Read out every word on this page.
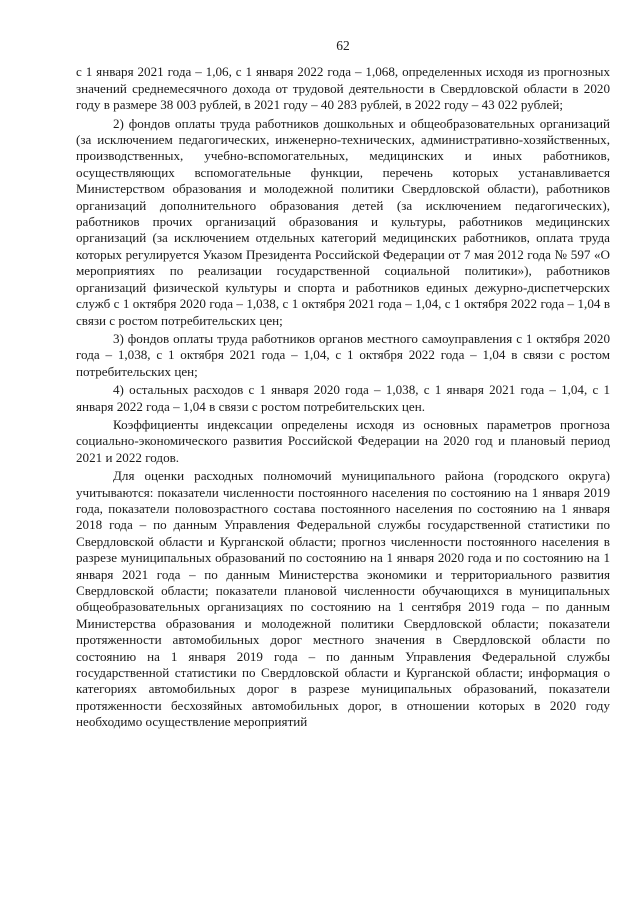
62

с 1 января 2021 года – 1,06, с 1 января 2022 года – 1,068, определенных исходя из прогнозных значений среднемесячного дохода от трудовой деятельности в Свердловской области в 2020 году в размере 38 003 рублей, в 2021 году – 40 283 рублей, в 2022 году – 43 022 рублей;

2) фондов оплаты труда работников дошкольных и общеобразовательных организаций (за исключением педагогических, инженерно-технических, административно-хозяйственных, производственных, учебно-вспомогательных, медицинских и иных работников, осуществляющих вспомогательные функции, перечень которых устанавливается Министерством образования и молодежной политики Свердловской области), работников организаций дополнительного образования детей (за исключением педагогических), работников прочих организаций образования и культуры, работников медицинских организаций (за исключением отдельных категорий медицинских работников, оплата труда которых регулируется Указом Президента Российской Федерации от 7 мая 2012 года № 597 «О мероприятиях по реализации государственной социальной политики»), работников организаций физической культуры и спорта и работников единых дежурно-диспетчерских служб с 1 октября 2020 года – 1,038, с 1 октября 2021 года – 1,04, с 1 октября 2022 года – 1,04 в связи с ростом потребительских цен;

3) фондов оплаты труда работников органов местного самоуправления с 1 октября 2020 года – 1,038, с 1 октября 2021 года – 1,04, с 1 октября 2022 года – 1,04 в связи с ростом потребительских цен;

4) остальных расходов с 1 января 2020 года – 1,038, с 1 января 2021 года – 1,04, с 1 января 2022 года – 1,04 в связи с ростом потребительских цен.

Коэффициенты индексации определены исходя из основных параметров прогноза социально-экономического развития Российской Федерации на 2020 год и плановый период 2021 и 2022 годов.

Для оценки расходных полномочий муниципального района (городского округа) учитываются: показатели численности постоянного населения по состоянию на 1 января 2019 года, показатели половозрастного состава постоянного населения по состоянию на 1 января 2018 года – по данным Управления Федеральной службы государственной статистики по Свердловской области и Курганской области; прогноз численности постоянного населения в разрезе муниципальных образований по состоянию на 1 января 2020 года и по состоянию на 1 января 2021 года – по данным Министерства экономики и территориального развития Свердловской области; показатели плановой численности обучающихся в муниципальных общеобразовательных организациях по состоянию на 1 сентября 2019 года – по данным Министерства образования и молодежной политики Свердловской области; показатели протяженности автомобильных дорог местного значения в Свердловской области по состоянию на 1 января 2019 года – по данным Управления Федеральной службы государственной статистики по Свердловской области и Курганской области; информация о категориях автомобильных дорог в разрезе муниципальных образований, показатели протяженности бесхозяйных автомобильных дорог, в отношении которых в 2020 году необходимо осуществление мероприятий
